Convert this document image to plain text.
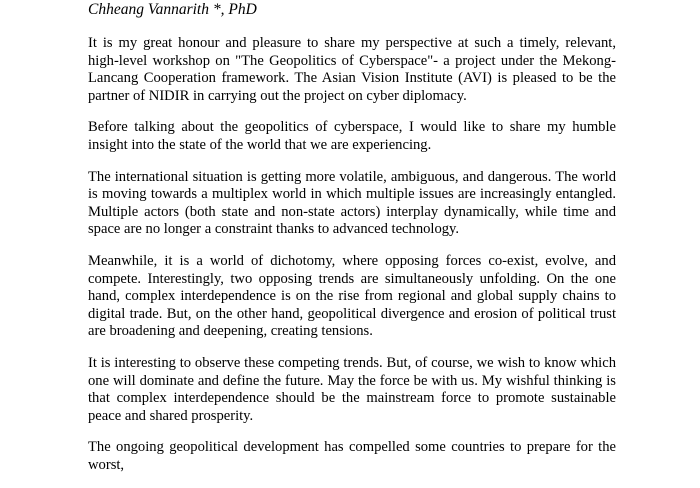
Chheang Vannarith *, PhD

It is my great honour and pleasure to share my perspective at such a timely, relevant, high-level workshop on "The Geopolitics of Cyberspace"- a project under the Mekong-Lancang Cooperation framework. The Asian Vision Institute (AVI) is pleased to be the partner of NIDIR in carrying out the project on cyber diplomacy.

Before talking about the geopolitics of cyberspace, I would like to share my humble insight into the state of the world that we are experiencing.

The international situation is getting more volatile, ambiguous, and dangerous. The world is moving towards a multiplex world in which multiple issues are increasingly entangled. Multiple actors (both state and non-state actors) interplay dynamically, while time and space are no longer a constraint thanks to advanced technology.

Meanwhile, it is a world of dichotomy, where opposing forces co-exist, evolve, and compete. Interestingly, two opposing trends are simultaneously unfolding. On the one hand, complex interdependence is on the rise from regional and global supply chains to digital trade. But, on the other hand, geopolitical divergence and erosion of political trust are broadening and deepening, creating tensions.

It is interesting to observe these competing trends. But, of course, we wish to know which one will dominate and define the future. May the force be with us. My wishful thinking is that complex interdependence should be the mainstream force to promote sustainable peace and shared prosperity.

The ongoing geopolitical development has compelled some countries to prepare for the worst,
